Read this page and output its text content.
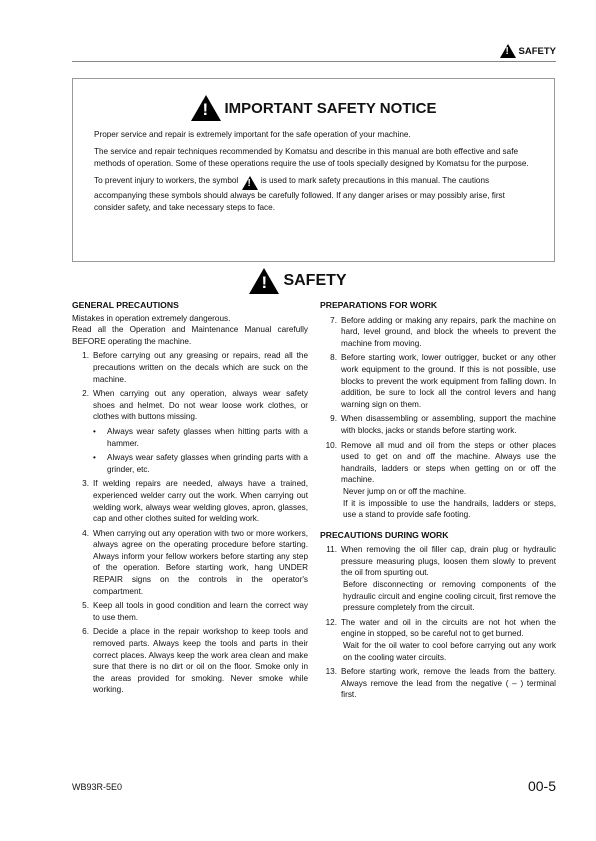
!
SAFETY
!
IMPORTANT SAFETY NOTICE

Proper service and repair is extremely important for the safe operation of your machine.

The service and repair techniques recommended by Komatsu and describe in this manual are both effective and safe methods of operation. Some of these operations require the use of tools specially designed by Komatsu for the purpose.

To prevent injury to workers, the symbol !	is used to mark safety precautions in this manual. The cautions accompanying these symbols should always be carefully followed. If any danger arises or may possibly arise, first consider safety, and take necessary steps to face.

!
SAFETY
GENERAL PRECAUTIONS

Mistakes in operation extremely dangerous.

Read all the Operation and Maintenance Manual carefully BEFORE operating the machine.

1. Before carrying out any greasing or repairs, read all the precautions written on the decals which are suck on the machine.
2. When carrying out any operation, always wear safety shoes and helmet. Do not wear loose work clothes, or clothes with buttons missing.
•	Always wear safety glasses when hitting parts with a hammer.
•	Always wear safety glasses when grinding parts with a grinder, etc.
3. If welding repairs are needed, always have a trained, experienced welder carry out the work. When carrying out welding work, always wear welding gloves, apron, glasses, cap and other clothes suited for welding work.
4. When carrying out any operation with two or more workers, always agree on the operating procedure before starting. Always inform your fellow workers before starting any step of the operation. Before starting work, hang UNDER REPAIR signs on the controls in the operator's compartment.
5. Keep all tools in good condition and learn the correct way to use them.
6. Decide a place in the repair workshop to keep tools and removed parts. Always keep the tools and parts in their correct places. Always keep the work area clean and make sure that there is no dirt or oil on the floor. Smoke only in the areas provided for smoking. Never smoke while working.
PREPARATIONS FOR WORK
7. Before adding or making any repairs, park the machine on hard, level ground, and block the wheels to prevent the machine from moving.
8. Before starting work, lower outrigger, bucket or any other work equipment to the ground. If this is not possible, use blocks to prevent the work equipment from falling down. In addition, be sure to lock all the control levers and hang warning sign on them.
9. When disassembling or assembling, support the machine with blocks, jacks or stands before starting work.
10. Remove all mud and oil from the steps or other places used to get on and off the machine. Always use the handrails, ladders or steps when getting on or off the machine.
Never jump on or off the machine.
If it is impossible to use the handrails, ladders or steps, use a stand to provide safe footing.
PRECAUTIONS DURING WORK
11. When removing the oil filler cap, drain plug or hydraulic pressure measuring plugs, loosen them slowly to prevent the oil from spurting out.
Before disconnecting or removing components of the hydraulic circuit and engine cooling circuit, first remove the pressure completely from the circuit.
12. The water and oil in the circuits are not hot when the engine in stopped, so be careful not to get burned.
Wait for the oil water to cool before carrying out any work on the cooling water circuits.
13. Before starting work, remove the leads from the battery. Always remove the lead from the negative ( – ) terminal first.
WB93R-5E0	00-5
